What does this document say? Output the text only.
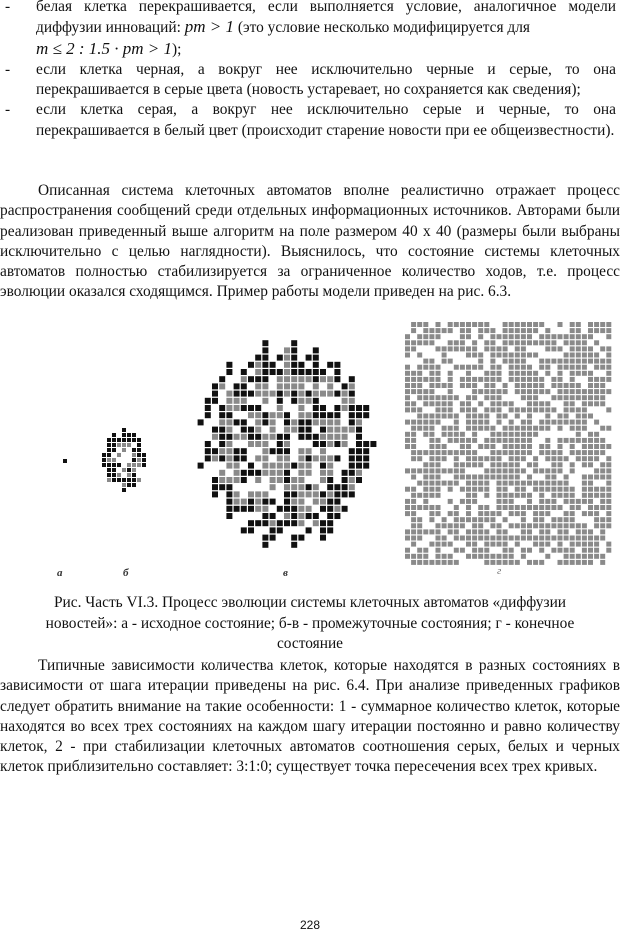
- белая клетка перекрашивается, если выполняется условие, аналогичное модели диффузии инноваций: pm > 1 (это условие несколько модифицируется для
m ≤ 2 : 1.5 · pm > 1);
- если клетка черная, а вокруг нее исключительно черные и серые, то она перекрашивается в серые цвета (новость устаревает, но сохраняется как сведения);
- если клетка серая, а вокруг нее исключительно серые и черные, то она перекрашивается в белый цвет (происходит старение новости при ее общеизвестности).

Описанная система клеточных автоматов вполне реалистично отражает процесс распространения сообщений среди отдельных информационных источников. Авторами были реализован приведенный выше алгоритм на поле размером 40 х 40 (размеры были выбраны исключительно с целью наглядности). Выяснилось, что состояние системы клеточных автоматов полностью стабилизируется за ограниченное количество ходов, т.е. процесс эволюции оказался сходящимся. Пример работы модели приведен на рис. 6.3.

а	б	в	г
Рис. Часть VI.3. Процесс эволюции системы клеточных автоматов «диффузии
новостей»: а - исходное состояние; б-в - промежуточные состояния; г - конечное
состояние

Типичные зависимости количества клеток, которые находятся в разных состояниях в зависимости от шага итерации приведены на рис. 6.4. При анализе приведенных графиков следует обратить внимание на такие особенности: 1 - суммарное количество клеток, которые находятся во всех трех состояниях на каждом шагу итерации постоянно и равно количеству клеток, 2 - при стабилизации клеточных автоматов соотношения серых, белых и черных клеток приблизительно составляет: 3:1:0; существует точка пересечения всех трех кривых.

228
